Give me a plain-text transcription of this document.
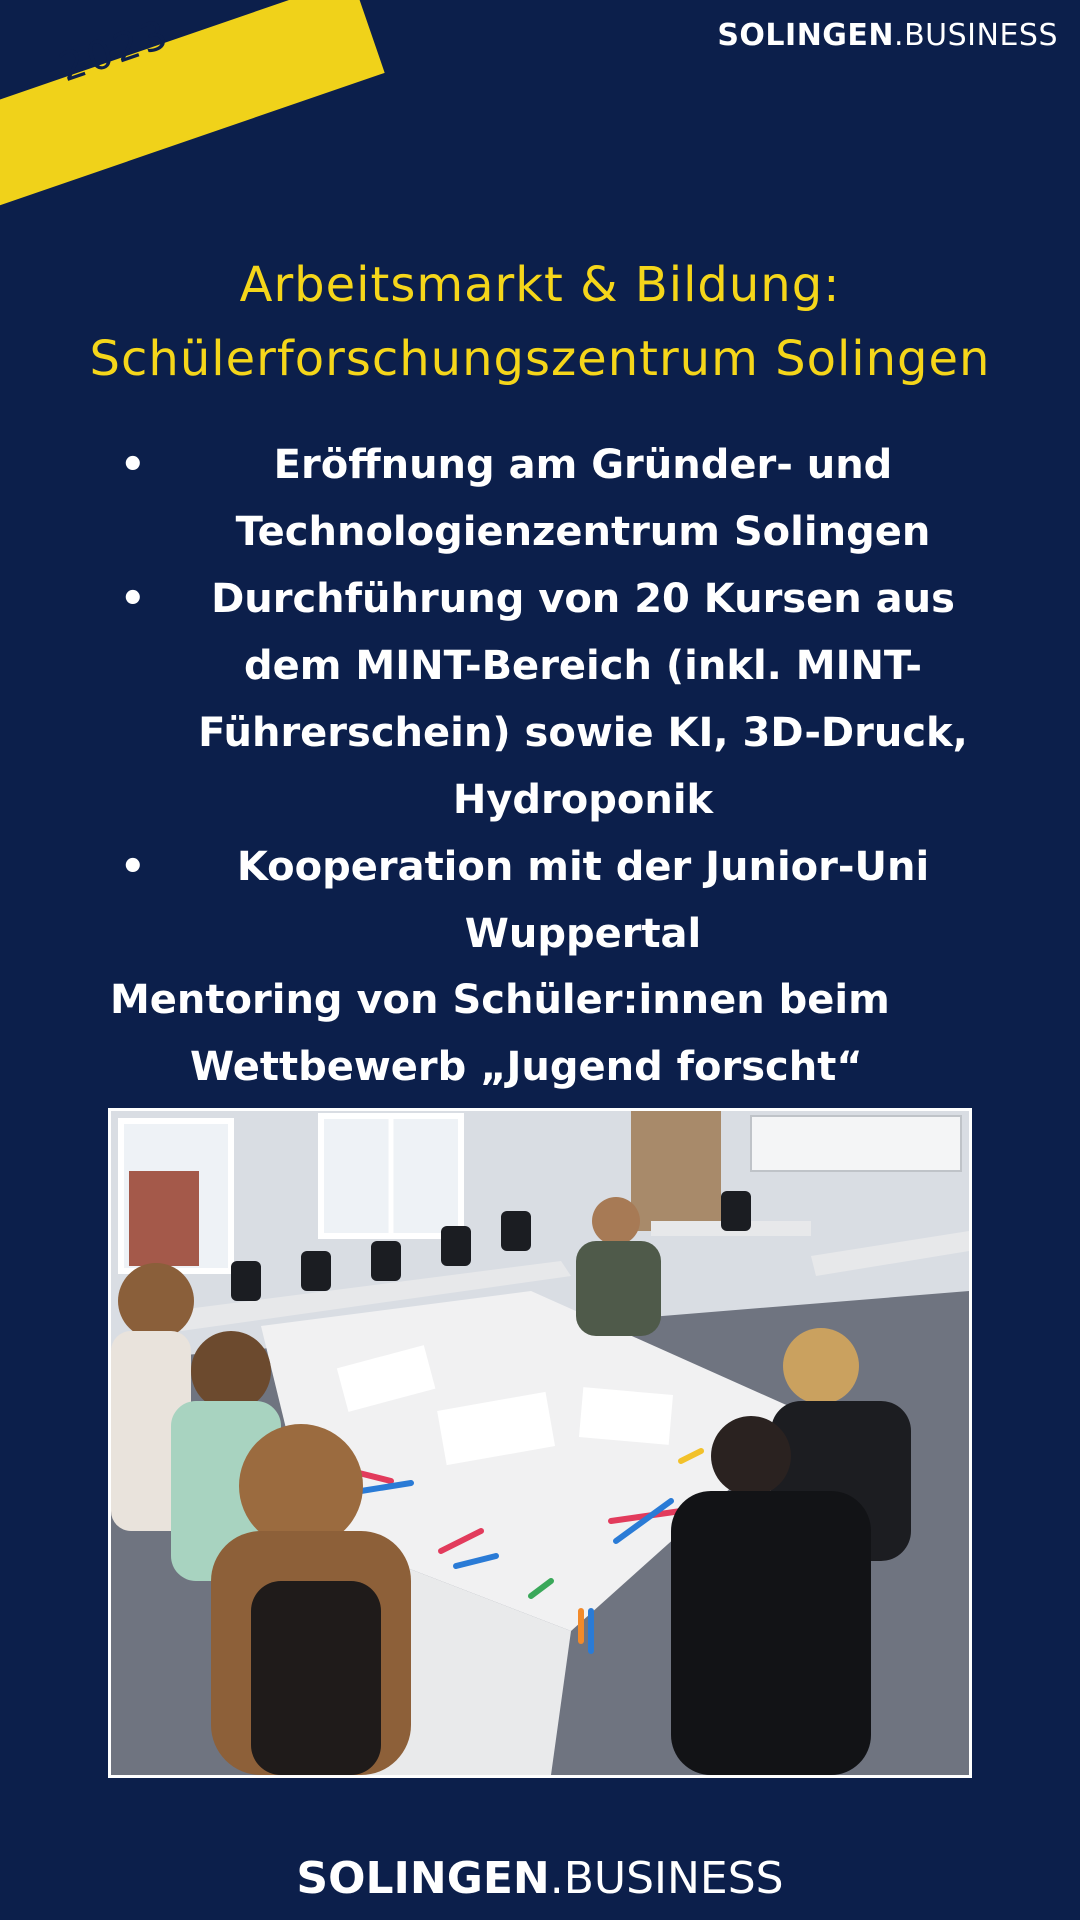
2023	SOLINGEN.BUSINESS
Arbeitsmarkt & Bildung:
Schülerforschungszentrum Solingen
•	Eröffnung am Gründer- und
Technologienzentrum Solingen
•	Durchführung von 20 Kursen aus
dem MINT-Bereich (inkl. MINT-
Führerschein) sowie KI, 3D-Druck,
Hydroponik
•	Kooperation mit der Junior-Uni
Wuppertal
Mentoring von Schüler:innen beim
Wettbewerb „Jugend forscht“
SOLINGEN.BUSINESS
